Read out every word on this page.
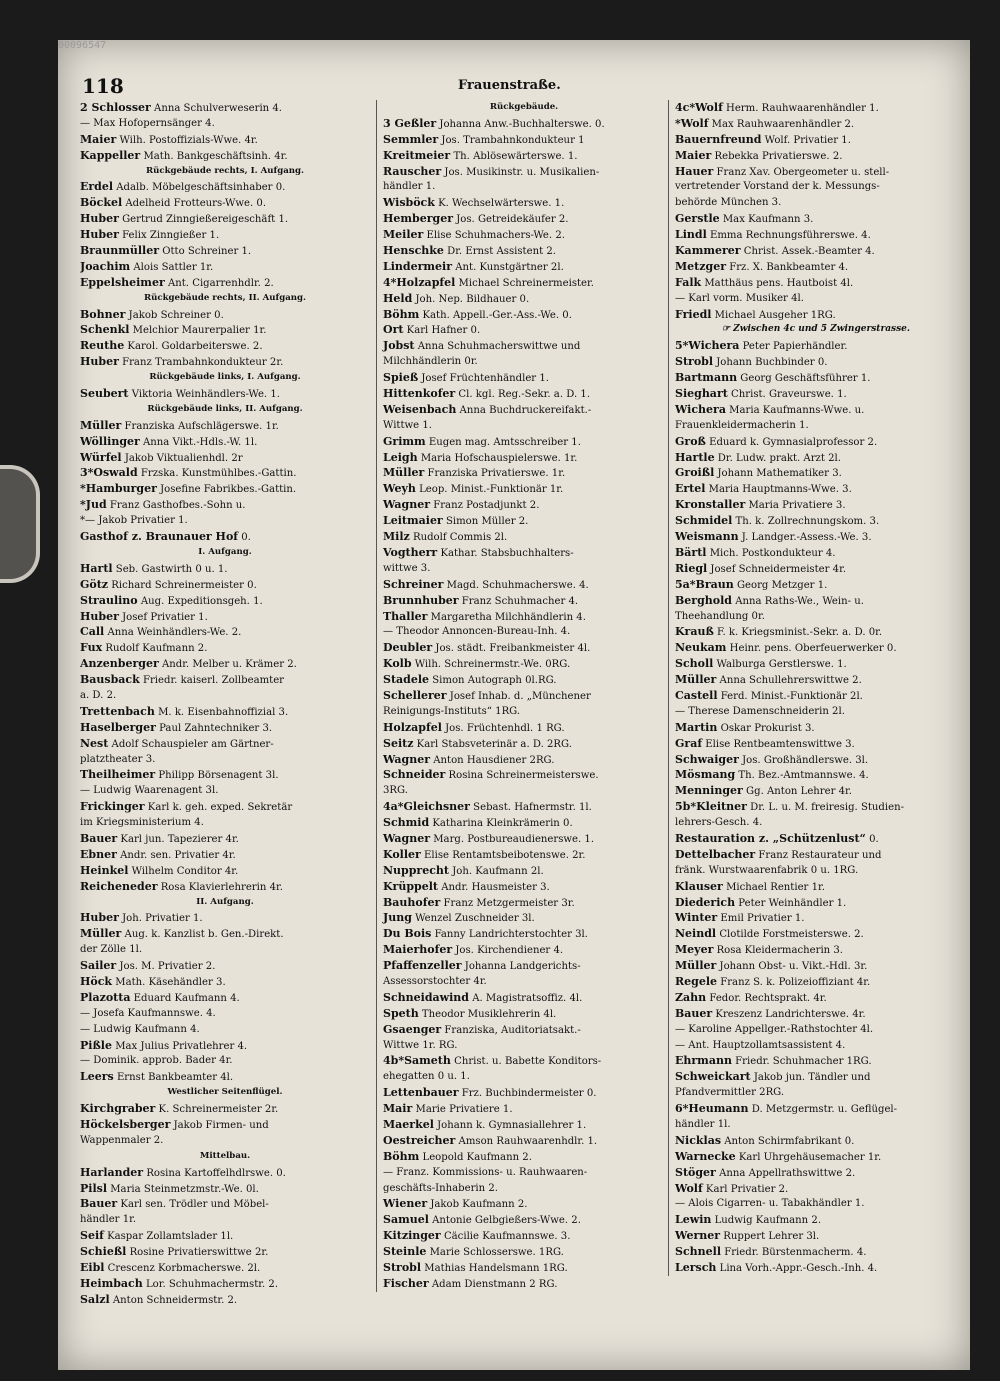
00096547
118	Frauenstraße.
2 Schlosser Anna Schulverweserin 4.
— Max Hofopernsänger 4.
Maier Wilh. Postoffizials-Wwe. 4r.
Kappeller Math. Bankgeschäftsinh. 4r.
Rückgebäude rechts, I. Aufgang.
Erdel Adalb. Möbelgeschäftsinhaber 0.
Böckel Adelheid Frotteurs-Wwe. 0.
Huber Gertrud Zinngießereigeschäft 1.
Huber Felix Zinngießer 1.
Braunmüller Otto Schreiner 1.
Joachim Alois Sattler 1r.
Eppelsheimer Ant. Cigarrenhdlr. 2.
Rückgebäude rechts, II. Aufgang.
Bohner Jakob Schreiner 0.
Schenkl Melchior Maurerpalier 1r.
Reuthe Karol. Goldarbeiterswe. 2.
Huber Franz Trambahnkondukteur 2r.
Rückgebäude links, I. Aufgang.
Seubert Viktoria Weinhändlers-We. 1.
Rückgebäude links, II. Aufgang.
Müller Franziska Aufschlägerswe. 1r.
Wöllinger Anna Vikt.-Hdls.-W. 1l.
Würfel Jakob Viktualienhdl. 2r
3*Oswald Frzska. Kunstmühlbes.-Gattin.
*Hamburger Josefine Fabrikbes.-Gattin.
*Jud Franz Gasthofbes.-Sohn u.
*— Jakob Privatier 1.
Gasthof z. Braunauer Hof 0.
I. Aufgang.
Hartl Seb. Gastwirth 0 u. 1.
Götz Richard Schreinermeister 0.
Straulino Aug. Expeditionsgeh. 1.
Huber Josef Privatier 1.
Call Anna Weinhändlers-We. 2.
Fux Rudolf Kaufmann 2.
Anzenberger Andr. Melber u. Krämer 2.
Bausback Friedr. kaiserl. Zollbeamter
a. D. 2.
Trettenbach M. k. Eisenbahnoffizial 3.
Haselberger Paul Zahntechniker 3.
Nest Adolf Schauspieler am Gärtner-
platztheater 3.
Theilheimer Philipp Börsenagent 3l.
— Ludwig Waarenagent 3l.
Frickinger Karl k. geh. exped. Sekretär
im Kriegsministerium 4.
Bauer Karl jun. Tapezierer 4r.
Ebner Andr. sen. Privatier 4r.
Heinkel Wilhelm Conditor 4r.
Reicheneder Rosa Klavierlehrerin 4r.
II. Aufgang.
Huber Joh. Privatier 1.
Müller Aug. k. Kanzlist b. Gen.-Direkt.
der Zölle 1l.
Sailer Jos. M. Privatier 2.
Höck Math. Käsehändler 3.
Plazotta Eduard Kaufmann 4.
— Josefa Kaufmannswe. 4.
— Ludwig Kaufmann 4.
Pißle Max Julius Privatlehrer 4.
— Dominik. approb. Bader 4r.
Leers Ernst Bankbeamter 4l.
Westlicher Seitenflügel.
Kirchgraber K. Schreinermeister 2r.
Höckelsberger Jakob Firmen- und
Wappenmaler 2.
Mittelbau.
Harlander Rosina Kartoffelhdlrswe. 0.
Pilsl Maria Steinmetzmstr.-We. 0l.
Bauer Karl sen. Trödler und Möbel-
händler 1r.
Seif Kaspar Zollamtslader 1l.
Schießl Rosine Privatierswittwe 2r.
Eibl Crescenz Korbmacherswe. 2l.
Heimbach Lor. Schuhmachermstr. 2.
Salzl Anton Schneidermstr. 2.
Rückgebäude.
3 Geßler Johanna Anw.-Buchhalterswe. 0.
Semmler Jos. Trambahnkondukteur 1
Kreitmeier Th. Ablösewärterswe. 1.
Rauscher Jos. Musikinstr. u. Musikalien-
händler 1.
Wisböck K. Wechselwärterswe. 1.
Hemberger Jos. Getreidekäufer 2.
Meiler Elise Schuhmachers-We. 2.
Henschke Dr. Ernst Assistent 2.
Lindermeir Ant. Kunstgärtner 2l.
4*Holzapfel Michael Schreinermeister.
Held Joh. Nep. Bildhauer 0.
Böhm Kath. Appell.-Ger.-Ass.-We. 0.
Ort Karl Hafner 0.
Jobst Anna Schuhmacherswittwe und
Milchhändlerin 0r.
Spieß Josef Früchtenhändler 1.
Hittenkofer Cl. kgl. Reg.-Sekr. a. D. 1.
Weisenbach Anna Buchdruckereifakt.-
Wittwe 1.
Grimm Eugen mag. Amtsschreiber 1.
Leigh Maria Hofschauspielerswe. 1r.
Müller Franziska Privatierswe. 1r.
Weyh Leop. Minist.-Funktionär 1r.
Wagner Franz Postadjunkt 2.
Leitmaier Simon Müller 2.
Milz Rudolf Commis 2l.
Vogtherr Kathar. Stabsbuchhalters-
wittwe 3.
Schreiner Magd. Schuhmacherswe. 4.
Brunnhuber Franz Schuhmacher 4.
Thaller Margaretha Milchhändlerin 4.
— Theodor Annoncen-Bureau-Inh. 4.
Deubler Jos. städt. Freibankmeister 4l.
Kolb Wilh. Schreinermstr.-We. 0RG.
Stadele Simon Autograph 0l.RG.
Schellerer Josef Inhab. d. „Münchener
Reinigungs-Instituts“ 1RG.
Holzapfel Jos. Früchtenhdl. 1 RG.
Seitz Karl Stabsveterinär a. D. 2RG.
Wagner Anton Hausdiener 2RG.
Schneider Rosina Schreinermeisterswe.
3RG.
4a*Gleichsner Sebast. Hafnermstr. 1l.
Schmid Katharina Kleinkrämerin 0.
Wagner Marg. Postbureaudienerswe. 1.
Koller Elise Rentamtsbeibotenswe. 2r.
Nupprecht Joh. Kaufmann 2l.
Krüppelt Andr. Hausmeister 3.
Bauhofer Franz Metzgermeister 3r.
Jung Wenzel Zuschneider 3l.
Du Bois Fanny Landrichterstochter 3l.
Maierhofer Jos. Kirchendiener 4.
Pfaffenzeller Johanna Landgerichts-
Assessorstochter 4r.
Schneidawind A. Magistratsoffiz. 4l.
Speth Theodor Musiklehrerin 4l.
Gsaenger Franziska, Auditoriatsakt.-
Wittwe 1r. RG.
4b*Sameth Christ. u. Babette Konditors-
ehegatten 0 u. 1.
Lettenbauer Frz. Buchbindermeister 0.
Mair Marie Privatiere 1.
Maerkel Johann k. Gymnasiallehrer 1.
Oestreicher Amson Rauhwaarenhdlr. 1.
Böhm Leopold Kaufmann 2.
— Franz. Kommissions- u. Rauhwaaren-
geschäfts-Inhaberin 2.
Wiener Jakob Kaufmann 2.
Samuel Antonie Gelbgießers-Wwe. 2.
Kitzinger Cäcilie Kaufmannswe. 3.
Steinle Marie Schlosserswe. 1RG.
Strobl Mathias Handelsmann 1RG.
Fischer Adam Dienstmann 2 RG.
4c*Wolf Herm. Rauhwaarenhändler 1.
*Wolf Max Rauhwaarenhändler 2.
Bauernfreund Wolf. Privatier 1.
Maier Rebekka Privatierswe. 2.
Hauer Franz Xav. Obergeometer u. stell-
vertretender Vorstand der k. Messungs-
behörde München 3.
Gerstle Max Kaufmann 3.
Lindl Emma Rechnungsführerswe. 4.
Kammerer Christ. Assek.-Beamter 4.
Metzger Frz. X. Bankbeamter 4.
Falk Matthäus pens. Hautboist 4l.
— Karl vorm. Musiker 4l.
Friedl Michael Ausgeher 1RG.
☞ Zwischen 4c und 5 Zwingerstrasse.
5*Wichera Peter Papierhändler.
Strobl Johann Buchbinder 0.
Bartmann Georg Geschäftsführer 1.
Sieghart Christ. Graveurswe. 1.
Wichera Maria Kaufmanns-Wwe. u.
Frauenkleidermacherin 1.
Groß Eduard k. Gymnasialprofessor 2.
Hartle Dr. Ludw. prakt. Arzt 2l.
Groißl Johann Mathematiker 3.
Ertel Maria Hauptmanns-Wwe. 3.
Kronstaller Maria Privatiere 3.
Schmidel Th. k. Zollrechnungskom. 3.
Weismann J. Landger.-Assess.-We. 3.
Bärtl Mich. Postkondukteur 4.
Riegl Josef Schneidermeister 4r.
5a*Braun Georg Metzger 1.
Berghold Anna Raths-We., Wein- u.
Theehandlung 0r.
Krauß F. k. Kriegsminist.-Sekr. a. D. 0r.
Neukam Heinr. pens. Oberfeuerwerker 0.
Scholl Walburga Gerstlerswe. 1.
Müller Anna Schullehrerswittwe 2.
Castell Ferd. Minist.-Funktionär 2l.
— Therese Damenschneiderin 2l.
Martin Oskar Prokurist 3.
Graf Elise Rentbeamtenswittwe 3.
Schwaiger Jos. Großhändlerswe. 3l.
Mösmang Th. Bez.-Amtmannswe. 4.
Menninger Gg. Anton Lehrer 4r.
5b*Kleitner Dr. L. u. M. freiresig. Studien-
lehrers-Gesch. 4.
Restauration z. „Schützenlust“ 0.
Dettelbacher Franz Restaurateur und
fränk. Wurstwaarenfabrik 0 u. 1RG.
Klauser Michael Rentier 1r.
Diederich Peter Weinhändler 1.
Winter Emil Privatier 1.
Neindl Clotilde Forstmeisterswe. 2.
Meyer Rosa Kleidermacherin 3.
Müller Johann Obst- u. Vikt.-Hdl. 3r.
Regele Franz S. k. Polizeioffiziant 4r.
Zahn Fedor. Rechtsprakt. 4r.
Bauer Kreszenz Landrichterswe. 4r.
— Karoline Appellger.-Rathstochter 4l.
— Ant. Hauptzollamtsassistent 4.
Ehrmann Friedr. Schuhmacher 1RG.
Schweickart Jakob jun. Tändler und
Pfandvermittler 2RG.
6*Heumann D. Metzgermstr. u. Geflügel-
händler 1l.
Nicklas Anton Schirmfabrikant 0.
Warnecke Karl Uhrgehäusemacher 1r.
Stöger Anna Appellrathswittwe 2.
Wolf Karl Privatier 2.
— Alois Cigarren- u. Tabakhändler 1.
Lewin Ludwig Kaufmann 2.
Werner Ruppert Lehrer 3l.
Schnell Friedr. Bürstenmacherm. 4.
Lersch Lina Vorh.-Appr.-Gesch.-Inh. 4.
